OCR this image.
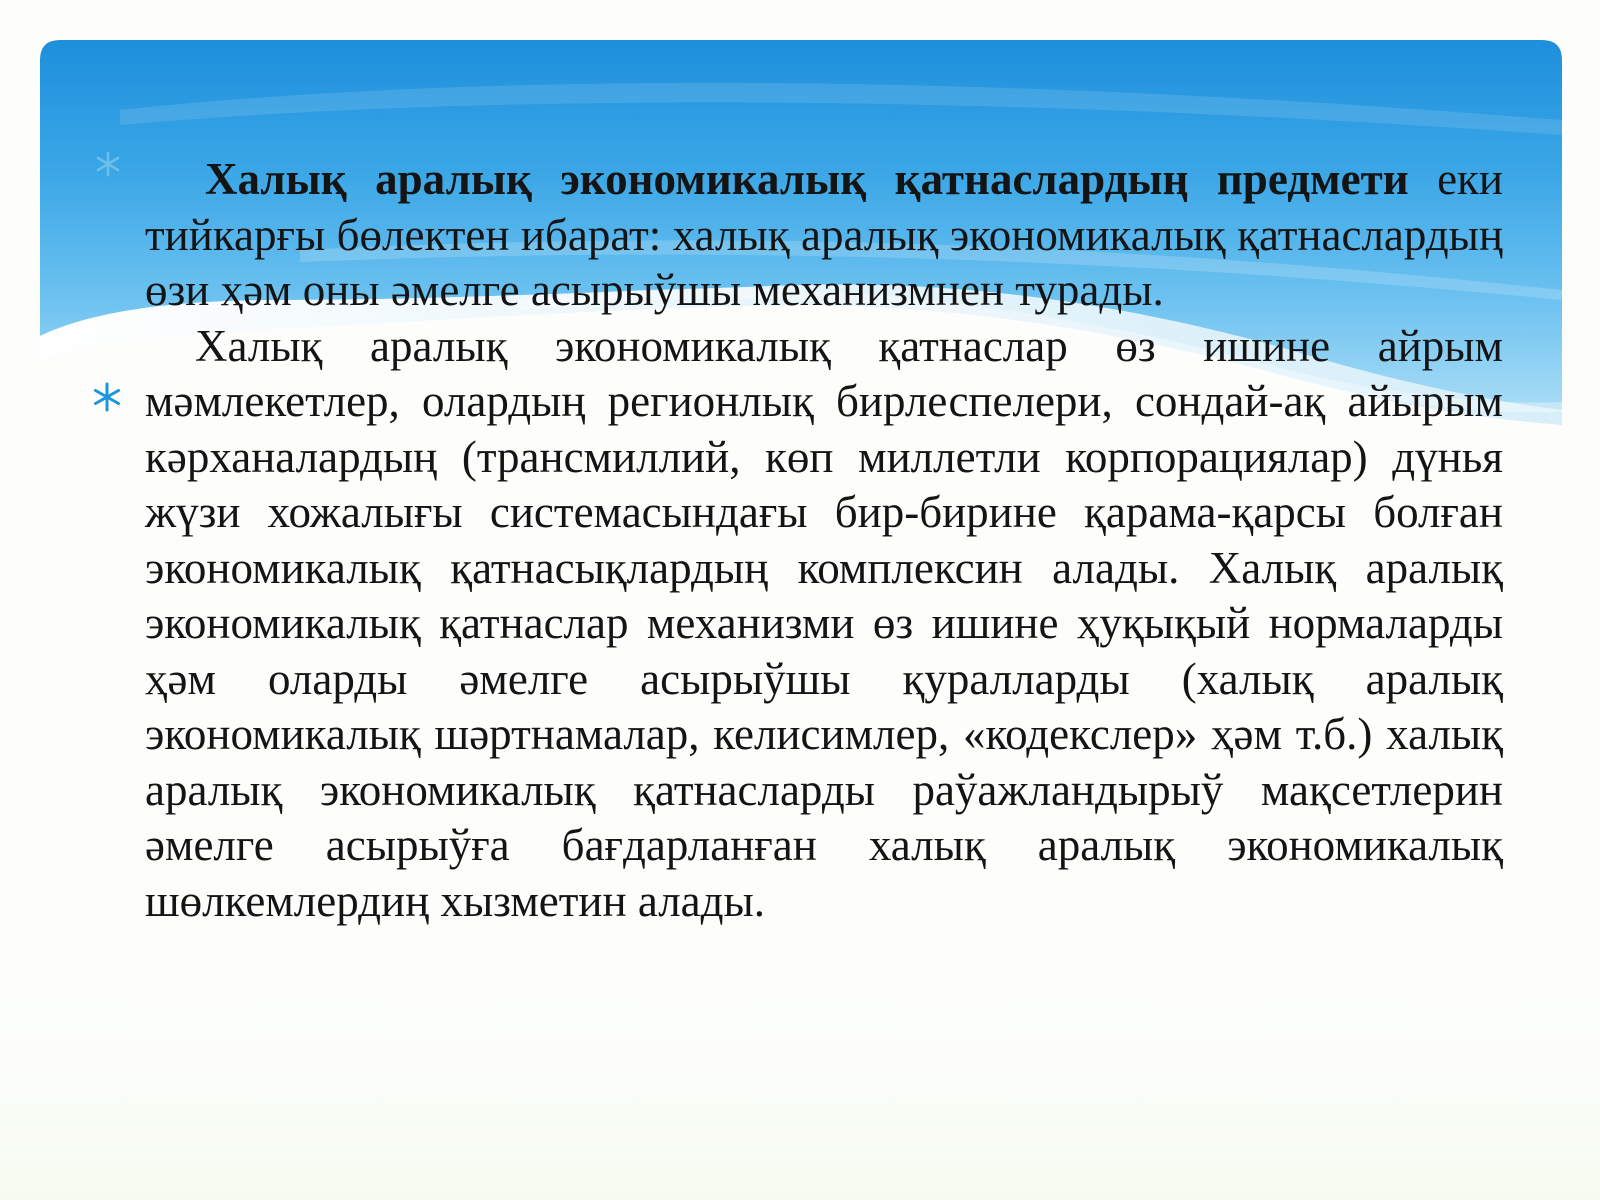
Халық аралық экономикалық қатнаслардың предмети еки тийкарғы бөлектен ибарат: халық аралық экономикалық қатнаслардың өзи ҳәм оны әмелге асырыўшы механизмнен турады.

Халық аралық экономикалық қатнаслар өз ишине айрым мәмлекетлер, олардың регионлық бирлеспелери, сондай-ақ айырым кәрханалардың (трансмиллий, көп миллетли корпорациялар) дүнья жүзи хожалығы системасындағы бир-бирине қарама-қарсы болған экономикалық қатнасықлардың комплексин алады. Халық аралық экономикалық қатнаслар механизми өз ишине ҳуқықый нормаларды ҳәм оларды әмелге асырыўшы қуралларды (халық аралық экономикалық шәртнамалар, келисимлер, «кодекслер» ҳәм т.б.) халық аралық экономикалық қатнасларды раўажландырыў мақсетлерин әмелге асырыўға бағдарланған халық аралық экономикалық шөлкемлердиң хызметин алады.
